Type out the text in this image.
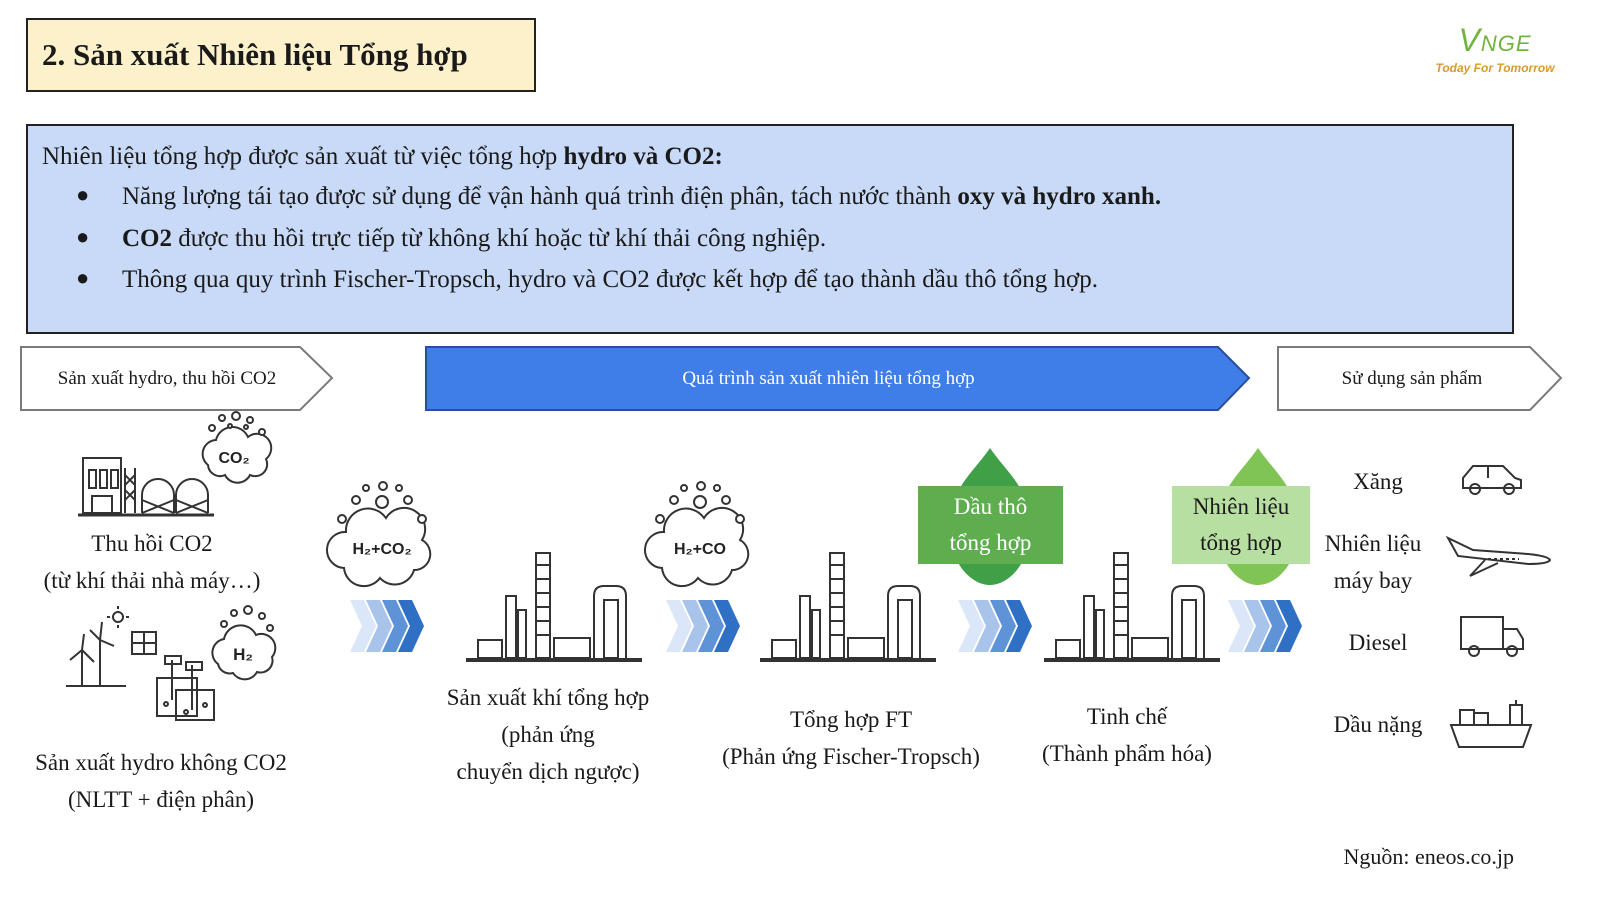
2. Sản xuất Nhiên liệu Tổng hợp	VNGE
Today For Tomorrow

Nhiên liệu tổng hợp được sản xuất từ việc tổng hợp hydro và CO2:

● Năng lượng tái tạo được sử dụng để vận hành quá trình điện phân, tách nước thành oxy và hydro xanh.
● CO2 được thu hồi trực tiếp từ không khí hoặc từ khí thải công nghiệp.
● Thông qua quy trình Fischer-Tropsch, hydro và CO2 được kết hợp để tạo thành dầu thô tổng hợp.
CO₂
H₂
H₂+CO₂	H₂+CO
Sản xuất hydro, thu hồi CO2	Quá trình sản xuất nhiên liệu tổng hợp	Sử dụng sản phẩm
Thu hồi CO2
(từ khí thải nhà máy…)
Sản xuất hydro không CO2
(NLTT + điện phân)
Sản xuất khí tổng hợp
(phản ứng
chuyển dịch ngược)
Tổng hợp FT
(Phản ứng Fischer-Tropsch)
Tinh chế
(Thành phẩm hóa)
Dầu thô
tổng hợp
Nhiên liệu
tổng hợp
Xăng
Nhiên liệu
máy bay
Diesel
Dầu nặng
Nguồn: eneos.co.jp
